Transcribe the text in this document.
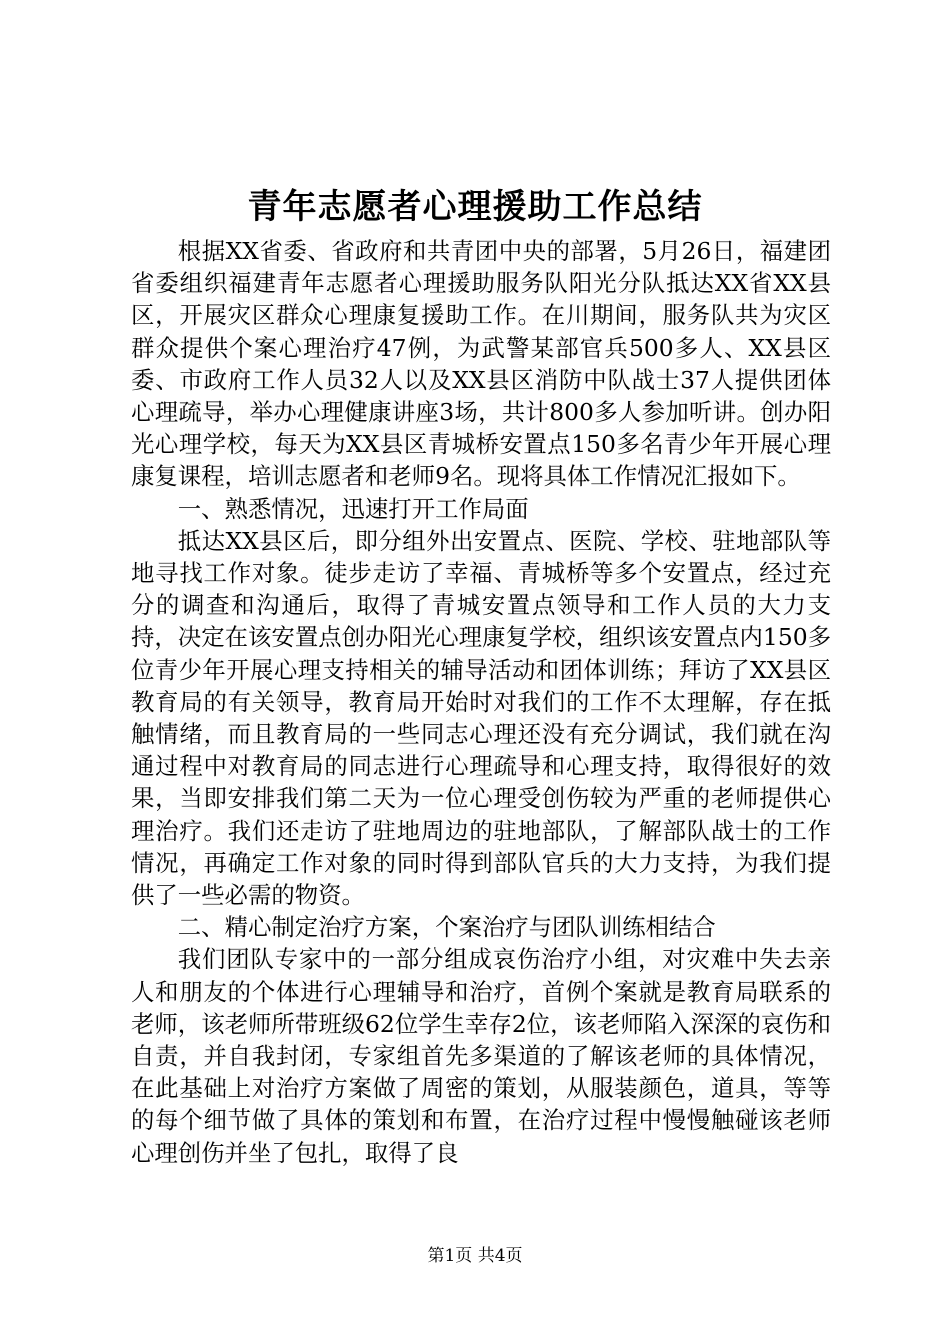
青年志愿者心理援助工作总结

根据XX省委、省政府和共青团中央的部署，5月26日，福建团省委组织福建青年志愿者心理援助服务队阳光分队抵达XX省XX县区，开展灾区群众心理康复援助工作。在川期间，服务队共为灾区群众提供个案心理治疗47例，为武警某部官兵500多人、XX县区委、市政府工作人员32人以及XX县区消防中队战士37人提供团体心理疏导，举办心理健康讲座3场，共计800多人参加听讲。创办阳光心理学校，每天为XX县区青城桥安置点150多名青少年开展心理康复课程，培训志愿者和老师9名。现将具体工作情况汇报如下。

一、熟悉情况，迅速打开工作局面

抵达XX县区后，即分组外出安置点、医院、学校、驻地部队等地寻找工作对象。徒步走访了幸福、青城桥等多个安置点，经过充分的调查和沟通后，取得了青城安置点领导和工作人员的大力支持，决定在该安置点创办阳光心理康复学校，组织该安置点内150多位青少年开展心理支持相关的辅导活动和团体训练；拜访了XX县区教育局的有关领导，教育局开始时对我们的工作不太理解，存在抵触情绪，而且教育局的一些同志心理还没有充分调试，我们就在沟通过程中对教育局的同志进行心理疏导和心理支持，取得很好的效果，当即安排我们第二天为一位心理受创伤较为严重的老师提供心理治疗。我们还走访了驻地周边的驻地部队，了解部队战士的工作情况，再确定工作对象的同时得到部队官兵的大力支持，为我们提供了一些必需的物资。

二、精心制定治疗方案，个案治疗与团队训练相结合

我们团队专家中的一部分组成哀伤治疗小组，对灾难中失去亲人和朋友的个体进行心理辅导和治疗，首例个案就是教育局联系的老师，该老师所带班级62位学生幸存2位，该老师陷入深深的哀伤和自责，并自我封闭，专家组首先多渠道的了解该老师的具体情况，在此基础上对治疗方案做了周密的策划，从服装颜色，道具，等等的每个细节做了具体的策划和布置，在治疗过程中慢慢触碰该老师心理创伤并坐了包扎，取得了良

第1页 共4页
